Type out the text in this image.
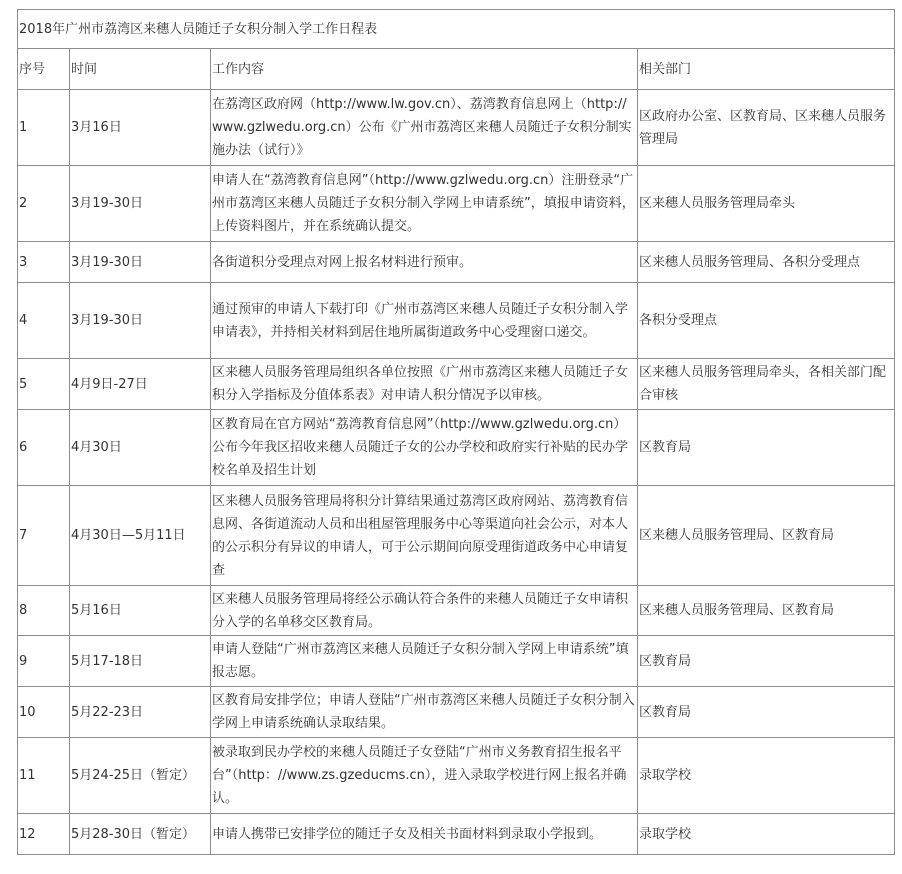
2018年广州市荔湾区来穗人员随迁子女积分制入学工作日程表			
序号	时间	工作内容	相关部门
1	3月16日	在荔湾区政府网（http://www.lw.gov.cn）、荔湾教育信息网上（http://www.gzlwedu.org.cn）公布《广州市荔湾区来穗人员随迁子女积分制实施办法（试行）》	区政府办公室、区教育局、区来穗人员服务管理局
2	3月19-30日	申请人在“荔湾教育信息网”（http://www.gzlwedu.org.cn）注册登录“广州市荔湾区来穗人员随迁子女积分制入学网上申请系统”，填报申请资料，上传资料图片，并在系统确认提交。	区来穗人员服务管理局牵头
3	3月19-30日	各街道积分受理点对网上报名材料进行预审。	区来穗人员服务管理局、各积分受理点
4	3月19-30日	通过预审的申请人下载打印《广州市荔湾区来穗人员随迁子女积分制入学申请表》，并持相关材料到居住地所属街道政务中心受理窗口递交。	各积分受理点
5	4月9日-27日	区来穗人员服务管理局组织各单位按照《广州市荔湾区来穗人员随迁子女积分入学指标及分值体系表》对申请人积分情况予以审核。	区来穗人员服务管理局牵头，各相关部门配合审核
6	4月30日	区教育局在官方网站“荔湾教育信息网”（http://www.gzlwedu.org.cn）公布今年我区招收来穗人员随迁子女的公办学校和政府实行补贴的民办学校名单及招生计划	区教育局
7	4月30日—5月11日	区来穗人员服务管理局将积分计算结果通过荔湾区政府网站、荔湾教育信息网、各街道流动人员和出租屋管理服务中心等渠道向社会公示，对本人的公示积分有异议的申请人，可于公示期间向原受理街道政务中心申请复查	区来穗人员服务管理局、区教育局
8	5月16日	区来穗人员服务管理局将经公示确认符合条件的来穗人员随迁子女申请积分入学的名单移交区教育局。	区来穗人员服务管理局、区教育局
9	5月17-18日	申请人登陆“广州市荔湾区来穗人员随迁子女积分制入学网上申请系统”填报志愿。	区教育局
10	5月22-23日	区教育局安排学位；申请人登陆“广州市荔湾区来穗人员随迁子女积分制入学网上申请系统确认录取结果。	区教育局
11	5月24-25日（暂定）	被录取到民办学校的来穗人员随迁子女登陆“广州市义务教育招生报名平台”（http：//www.zs.gzeducms.cn），进入录取学校进行网上报名并确认。	录取学校
12	5月28-30日（暂定）	申请人携带已安排学位的随迁子女及相关书面材料到录取小学报到。	录取学校
